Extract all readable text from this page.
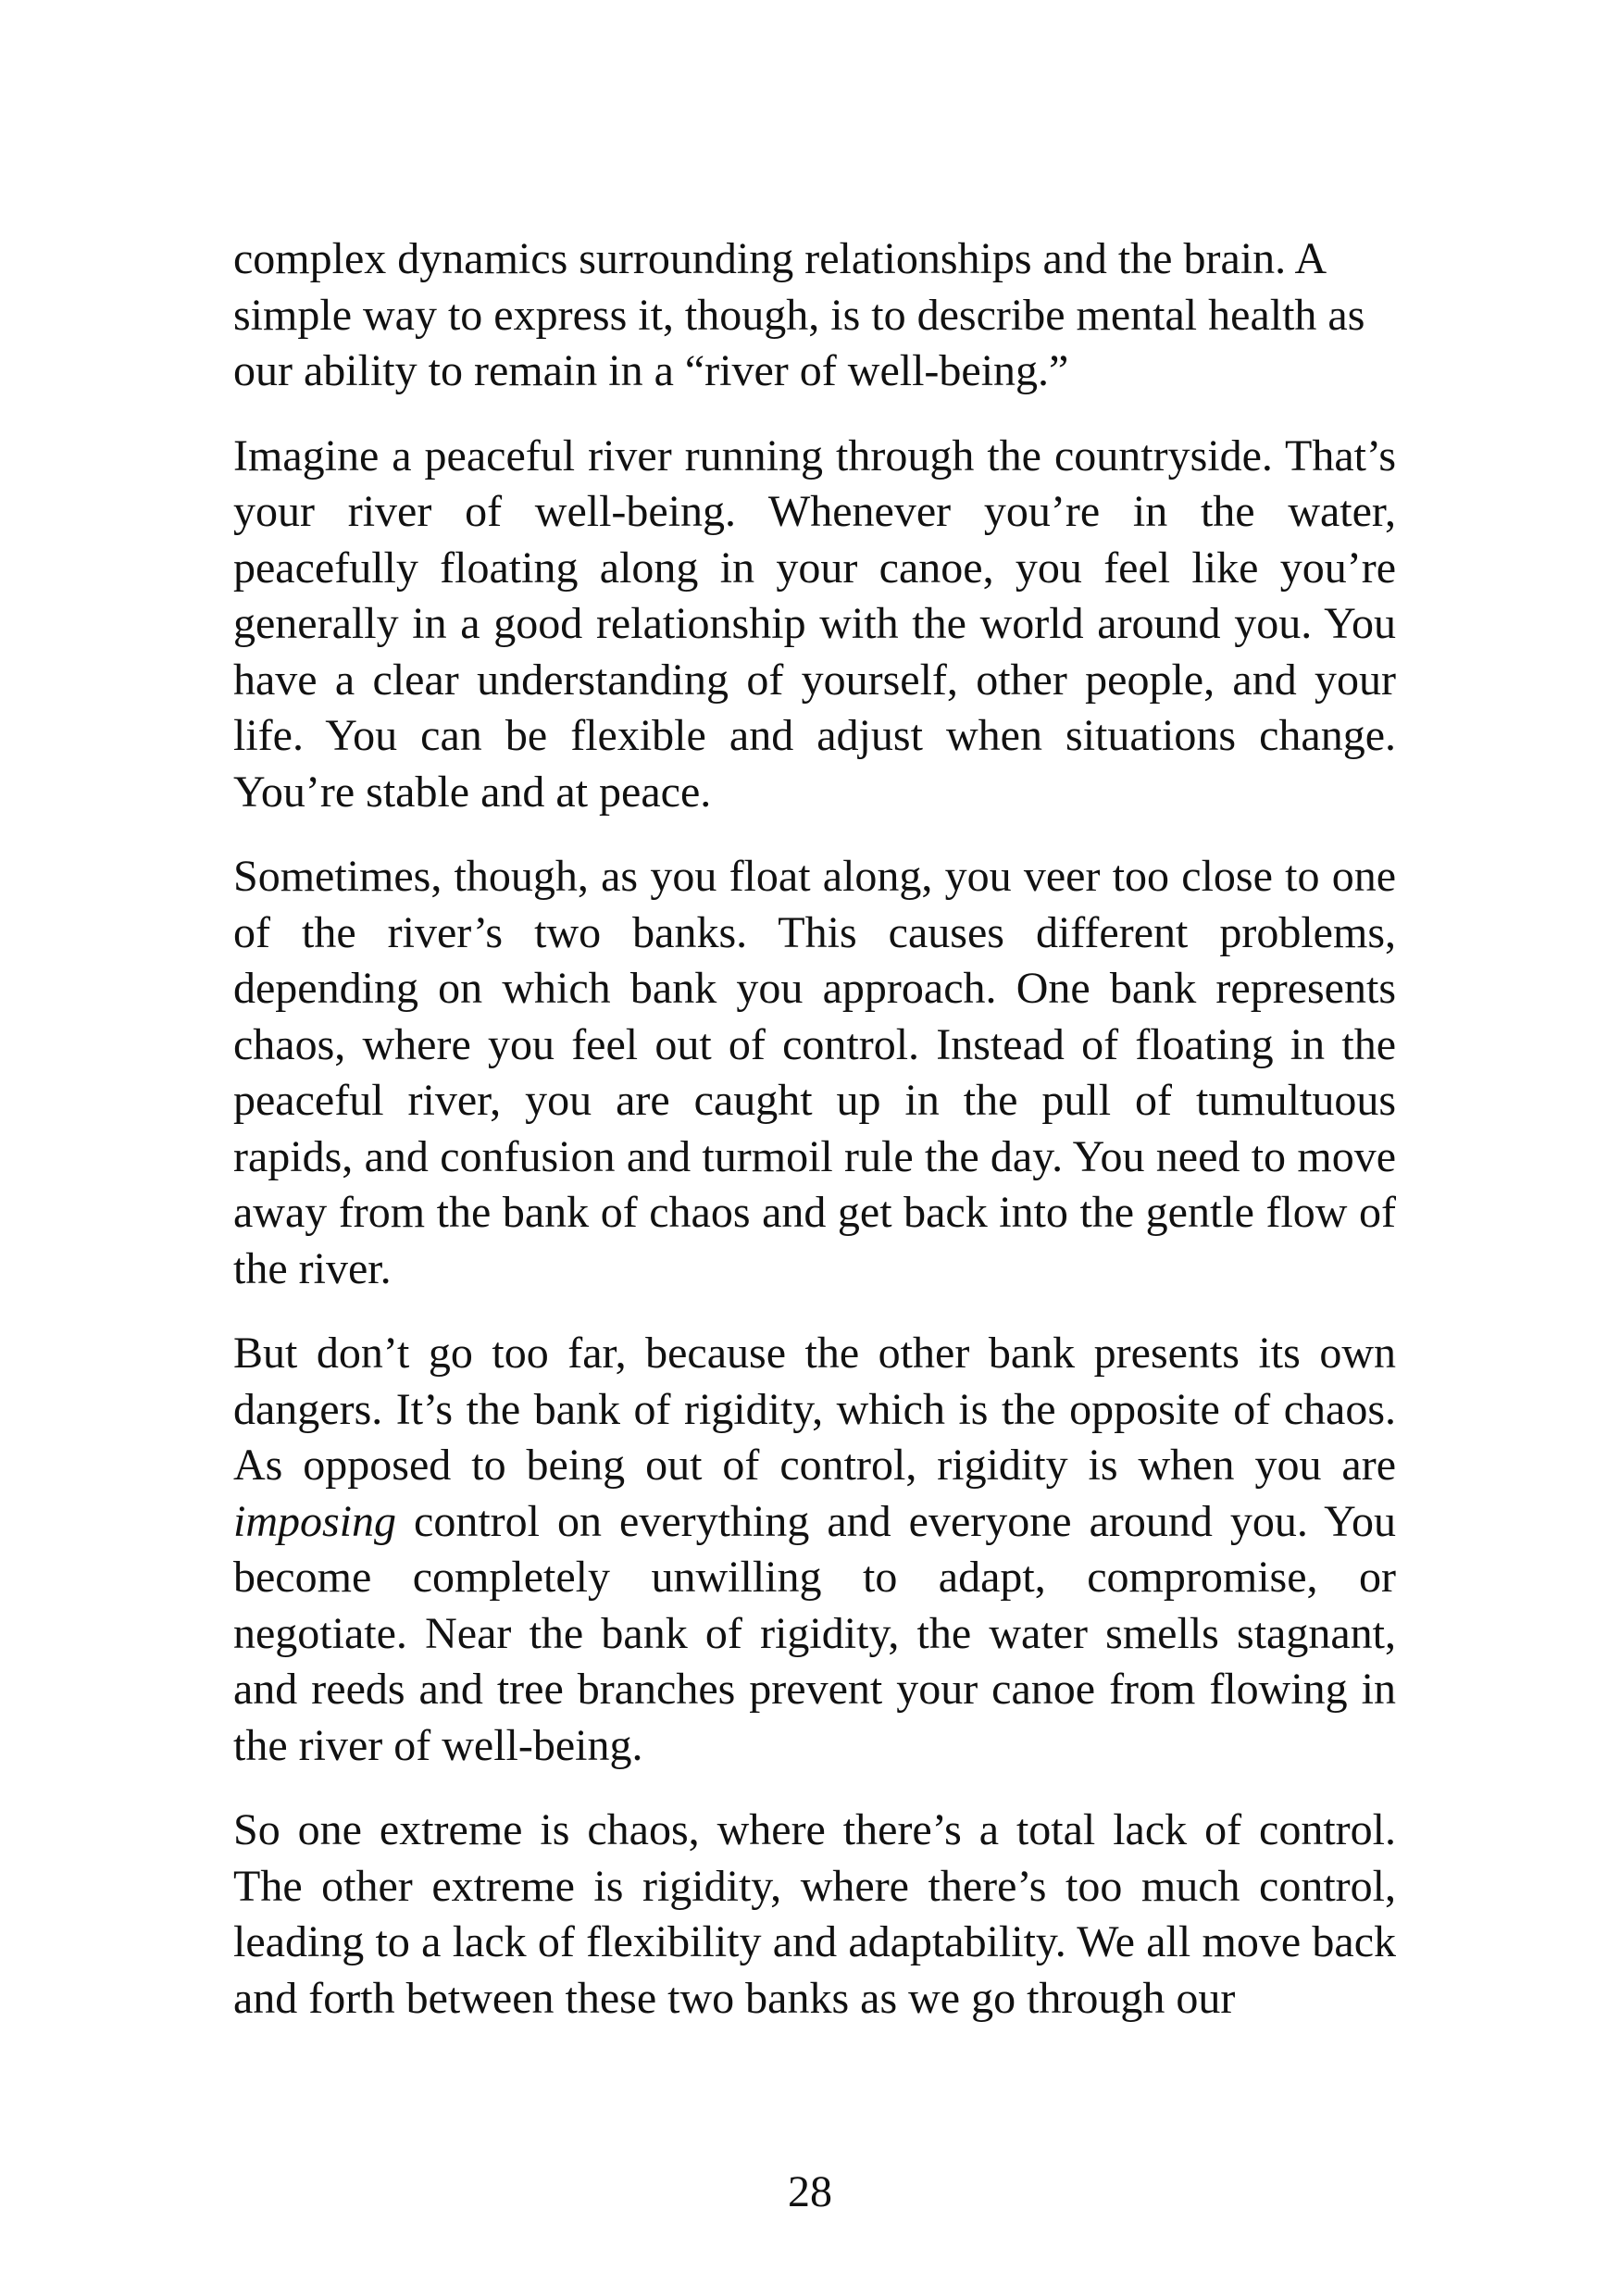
complex dynamics surrounding relationships and the brain. A simple way to express it, though, is to describe mental health as our ability to remain in a “river of well-being.”

Imagine a peaceful river running through the countryside. That’s your river of well-being. Whenever you’re in the water, peacefully floating along in your canoe, you feel like you’re generally in a good relationship with the world around you. You have a clear understanding of yourself, other people, and your life. You can be flexible and adjust when situations change. You’re stable and at peace.

Sometimes, though, as you float along, you veer too close to one of the river’s two banks. This causes different problems, depending on which bank you approach. One bank represents chaos, where you feel out of control. Instead of floating in the peaceful river, you are caught up in the pull of tumultuous rapids, and confusion and turmoil rule the day. You need to move away from the bank of chaos and get back into the gentle flow of the river.

But don’t go too far, because the other bank presents its own dangers. It’s the bank of rigidity, which is the opposite of chaos. As opposed to being out of control, rigidity is when you are imposing control on everything and everyone around you. You become completely unwilling to adapt, compromise, or negotiate. Near the bank of rigidity, the water smells stagnant, and reeds and tree branches prevent your canoe from flowing in the river of well-being.

So one extreme is chaos, where there’s a total lack of control. The other extreme is rigidity, where there’s too much control, leading to a lack of flexibility and adaptability. We all move back and forth between these two banks as we go through our

28
